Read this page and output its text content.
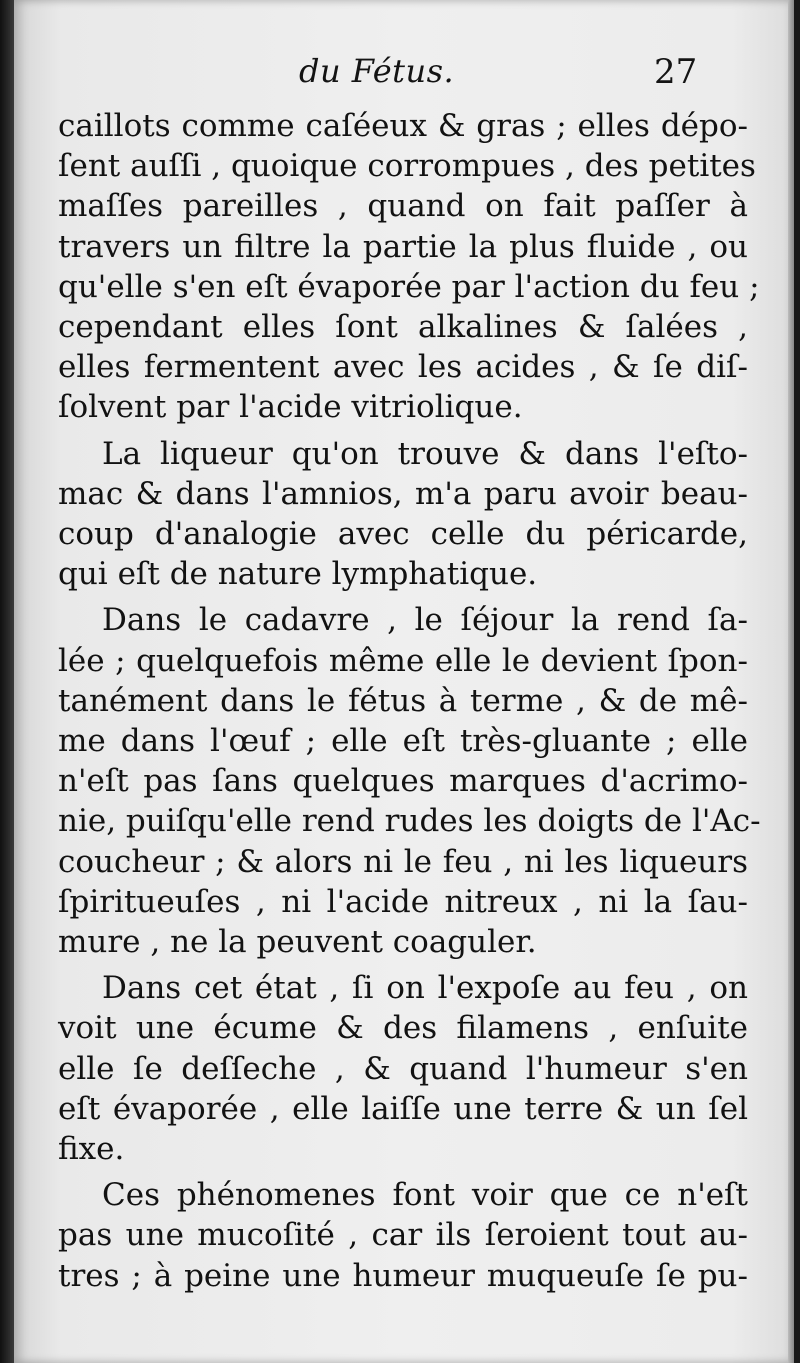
du Fétus.	27

caillots comme caſéeux & gras ; elles dépo-
ſent auſſi , quoique corrompues , des petites
maſſes pareilles , quand on fait paſſer à
travers un filtre la partie la plus fluide , ou
qu'elle s'en eſt évaporée par l'action du feu ;
cependant elles ſont alkalines & ſalées ,
elles fermentent avec les acides , & ſe diſ-
ſolvent par l'acide vitriolique.

La liqueur qu'on trouve & dans l'eſto-
mac & dans l'amnios, m'a paru avoir beau-
coup d'analogie avec celle du péricarde,
qui eſt de nature lymphatique.

Dans le cadavre , le ſéjour la rend ſa-
lée ; quelquefois même elle le devient ſpon-
tanément dans le fétus à terme , & de mê-
me dans l'œuf ; elle eſt très-gluante ; elle
n'eſt pas ſans quelques marques d'acrimo-
nie, puiſqu'elle rend rudes les doigts de l'Ac-
coucheur ; & alors ni le feu , ni les liqueurs
ſpiritueuſes , ni l'acide nitreux , ni la ſau-
mure , ne la peuvent coaguler.

Dans cet état , ſi on l'expoſe au feu , on
voit une écume & des filamens , enſuite
elle ſe deſſeche , & quand l'humeur s'en
eſt évaporée , elle laiſſe une terre & un ſel
fixe.

Ces phénomenes font voir que ce n'eſt
pas une mucoſité , car ils ſeroient tout au-
tres ; à peine une humeur muqueuſe ſe pu-
